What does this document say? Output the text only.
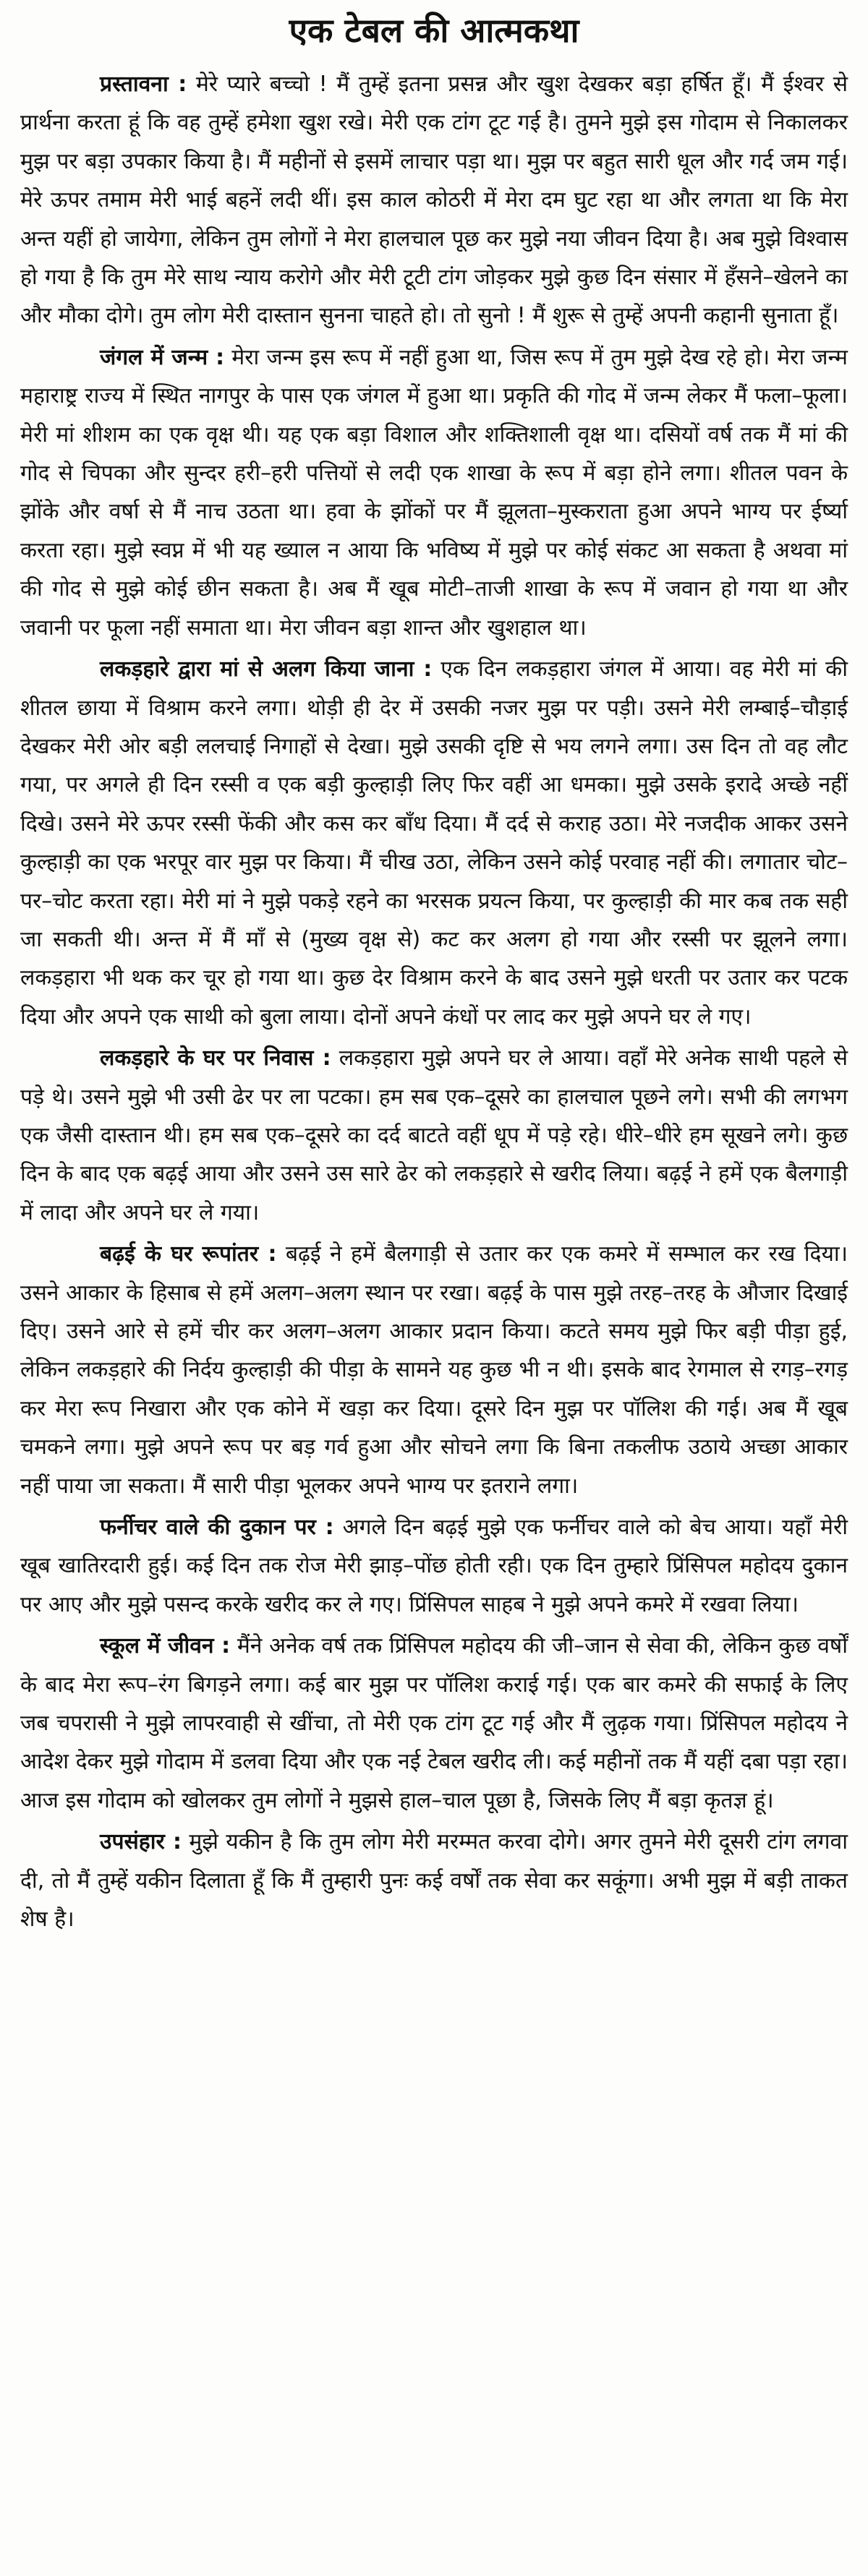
एक टेबल की आत्मकथा

प्रस्तावना : मेरे प्यारे बच्चो ! मैं तुम्हें इतना प्रसन्न और खुश देखकर बड़ा हर्षित हूँ। मैं ईश्वर से प्रार्थना करता हूं कि वह तुम्हें हमेशा खुश रखे। मेरी एक टांग टूट गई है। तुमने मुझे इस गोदाम से निकालकर मुझ पर बड़ा उपकार किया है। मैं महीनों से इसमें लाचार पड़ा था। मुझ पर बहुत सारी धूल और गर्द जम गई। मेरे ऊपर तमाम मेरी भाई बहनें लदी थीं। इस काल कोठरी में मेरा दम घुट रहा था और लगता था कि मेरा अन्त यहीं हो जायेगा, लेकिन तुम लोगों ने मेरा हालचाल पूछ कर मुझे नया जीवन दिया है। अब मुझे विश्वास हो गया है कि तुम मेरे साथ न्याय करोगे और मेरी टूटी टांग जोड़कर मुझे कुछ दिन संसार में हँसने–खेलने का और मौका दोगे। तुम लोग मेरी दास्तान सुनना चाहते हो। तो सुनो ! मैं शुरू से तुम्हें अपनी कहानी सुनाता हूँ।

जंगल में जन्म : मेरा जन्म इस रूप में नहीं हुआ था, जिस रूप में तुम मुझे देख रहे हो। मेरा जन्म महाराष्ट्र राज्य में स्थित नागपुर के पास एक जंगल में हुआ था। प्रकृति की गोद में जन्म लेकर मैं फला–फूला। मेरी मां शीशम का एक वृक्ष थी। यह एक बड़ा विशाल और शक्तिशाली वृक्ष था। दसियों वर्ष तक मैं मां की गोद से चिपका और सुन्दर हरी–हरी पत्तियों से लदी एक शाखा के रूप में बड़ा होने लगा। शीतल पवन के झोंके और वर्षा से मैं नाच उठता था। हवा के झोंकों पर मैं झूलता–मुस्कराता हुआ अपने भाग्य पर ईर्ष्या करता रहा। मुझे स्वप्न में भी यह ख्याल न आया कि भविष्य में मुझे पर कोई संकट आ सकता है अथवा मां की गोद से मुझे कोई छीन सकता है। अब मैं खूब मोटी–ताजी शाखा के रूप में जवान हो गया था और जवानी पर फूला नहीं समाता था। मेरा जीवन बड़ा शान्त और खुशहाल था।

लकड़हारे द्वारा मां से अलग किया जाना : एक दिन लकड़हारा जंगल में आया। वह मेरी मां की शीतल छाया में विश्राम करने लगा। थोड़ी ही देर में उसकी नजर मुझ पर पड़ी। उसने मेरी लम्बाई–चौड़ाई देखकर मेरी ओर बड़ी ललचाई निगाहों से देखा। मुझे उसकी दृष्टि से भय लगने लगा। उस दिन तो वह लौट गया, पर अगले ही दिन रस्सी व एक बड़ी कुल्हाड़ी लिए फिर वहीं आ धमका। मुझे उसके इरादे अच्छे नहीं दिखे। उसने मेरे ऊपर रस्सी फेंकी और कस कर बाँध दिया। मैं दर्द से कराह उठा। मेरे नजदीक आकर उसने कुल्हाड़ी का एक भरपूर वार मुझ पर किया। मैं चीख उठा, लेकिन उसने कोई परवाह नहीं की। लगातार चोट–पर–चोट करता रहा। मेरी मां ने मुझे पकड़े रहने का भरसक प्रयत्न किया, पर कुल्हाड़ी की मार कब तक सही जा सकती थी। अन्त में मैं माँ से (मुख्य वृक्ष से) कट कर अलग हो गया और रस्सी पर झूलने लगा। लकड़हारा भी थक कर चूर हो गया था। कुछ देर विश्राम करने के बाद उसने मुझे धरती पर उतार कर पटक दिया और अपने एक साथी को बुला लाया। दोनों अपने कंधों पर लाद कर मुझे अपने घर ले गए।

लकड़हारे के घर पर निवास : लकड़हारा मुझे अपने घर ले आया। वहाँ मेरे अनेक साथी पहले से पड़े थे। उसने मुझे भी उसी ढेर पर ला पटका। हम सब एक–दूसरे का हालचाल पूछने लगे। सभी की लगभग एक जैसी दास्तान थी। हम सब एक–दूसरे का दर्द बाटते वहीं धूप में पड़े रहे। धीरे–धीरे हम सूखने लगे। कुछ दिन के बाद एक बढ़ई आया और उसने उस सारे ढेर को लकड़हारे से खरीद लिया। बढ़ई ने हमें एक बैलगाड़ी में लादा और अपने घर ले गया।

बढ़ई के घर रूपांतर : बढ़ई ने हमें बैलगाड़ी से उतार कर एक कमरे में सम्भाल कर रख दिया। उसने आकार के हिसाब से हमें अलग–अलग स्थान पर रखा। बढ़ई के पास मुझे तरह–तरह के औजार दिखाई दिए। उसने आरे से हमें चीर कर अलग–अलग आकार प्रदान किया। कटते समय मुझे फिर बड़ी पीड़ा हुई, लेकिन लकड़हारे की निर्दय कुल्हाड़ी की पीड़ा के सामने यह कुछ भी न थी। इसके बाद रेगमाल से रगड़–रगड़ कर मेरा रूप निखारा और एक कोने में खड़ा कर दिया। दूसरे दिन मुझ पर पॉलिश की गई। अब मैं खूब चमकने लगा। मुझे अपने रूप पर बड़ गर्व हुआ और सोचने लगा कि बिना तकलीफ उठाये अच्छा आकार नहीं पाया जा सकता। मैं सारी पीड़ा भूलकर अपने भाग्य पर इतराने लगा।

फर्नीचर वाले की दुकान पर : अगले दिन बढ़ई मुझे एक फर्नीचर वाले को बेच आया। यहाँ मेरी खूब खातिरदारी हुई। कई दिन तक रोज मेरी झाड़–पोंछ होती रही। एक दिन तुम्हारे प्रिंसिपल महोदय दुकान पर आए और मुझे पसन्द करके खरीद कर ले गए। प्रिंसिपल साहब ने मुझे अपने कमरे में रखवा लिया।

स्कूल में जीवन : मैंने अनेक वर्ष तक प्रिंसिपल महोदय की जी–जान से सेवा की, लेकिन कुछ वर्षों के बाद मेरा रूप–रंग बिगड़ने लगा। कई बार मुझ पर पॉलिश कराई गई। एक बार कमरे की सफाई के लिए जब चपरासी ने मुझे लापरवाही से खींचा, तो मेरी एक टांग टूट गई और मैं लुढ़क गया। प्रिंसिपल महोदय ने आदेश देकर मुझे गोदाम में डलवा दिया और एक नई टेबल खरीद ली। कई महीनों तक मैं यहीं दबा पड़ा रहा। आज इस गोदाम को खोलकर तुम लोगों ने मुझसे हाल–चाल पूछा है, जिसके लिए मैं बड़ा कृतज्ञ हूं।

उपसंहार : मुझे यकीन है कि तुम लोग मेरी मरम्मत करवा दोगे। अगर तुमने मेरी दूसरी टांग लगवा दी, तो मैं तुम्हें यकीन दिलाता हूँ कि मैं तुम्हारी पुनः कई वर्षों तक सेवा कर सकूंगा। अभी मुझ में बड़ी ताकत शेष है।
